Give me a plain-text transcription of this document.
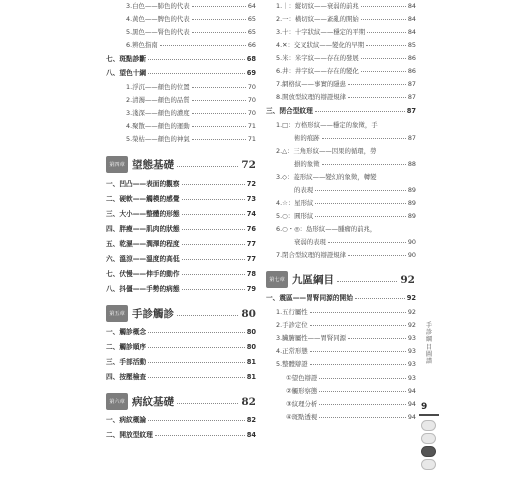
3.白色——肺色的代表	64
4.黃色——脾色的代表	65
5.黑色——腎色的代表	65
6.辨色指南	66
七、斑點診斷	68
八、望色十綱	69
1.浮沉——顏色的位置	70
2.清濁——顏色的品質	70
3.淺深——顏色的濃度	70
4.聚散——顏色的運動	71
5.榮枯——顏色的神氣	71
第四章 望態基礎	72
一、凹凸——表面的觀察	72
二、硬軟——觸模的感覺	73
三、大小——整體的形態	74
四、胖瘦——肌肉的狀態	76
五、乾濕——潤澤的程度	77
六、溫涼——溫度的高低	77
七、伏慢——伸手的動作	78
八、抖僵——手勢的病態	79
第五章 手診觸診	80
一、觸診概念	80
二、觸診順序	80
三、手部活動	81
四、按壓檢查	81
第六章 病紋基礎	82
一、病紋概論	82
二、開放型紋理	84
1.｜：縱切紋——衰弱的前兆	84
2.一：橫切紋——紊亂的開始	84
3.十：十字狀紋——穩定的平期	84
4.✕：交叉狀紋——變化的早期	85
5.米：米字紋——存在的發展	86
6.井：井字紋——存在的變化	86
7.網格紋——事實的隱患	87
8.開放型紋理的辯證規律	87
三、閉合型紋理	87
1.□：方格形紋——穩定的象徵，手
術的痕跡	87
2.△：三角形紋——因果的循環，勞
損的象徵	88
3.◇：菱形紋——變幻的象徵，轉變
的表現	89
4.☆：星形紋	89
5.○：圓形紋	89
6.○・◎：島形紋——腫瘤的前兆，
衰弱的表現	90
7.閉合型紋理的辯證規律	90
第七章 九區綱目	92
一、震區——胃腎同源的開始	92
1.五行屬性	92
2.手診定位	92
3.臟腑屬性——胃腎同源	93
4.正常形態	93
5.整體辯證	93
①望色辯證	93
②觸形察態	94
③紋理分析	94
④斑點透視	94
手診綱目圖譜
9
